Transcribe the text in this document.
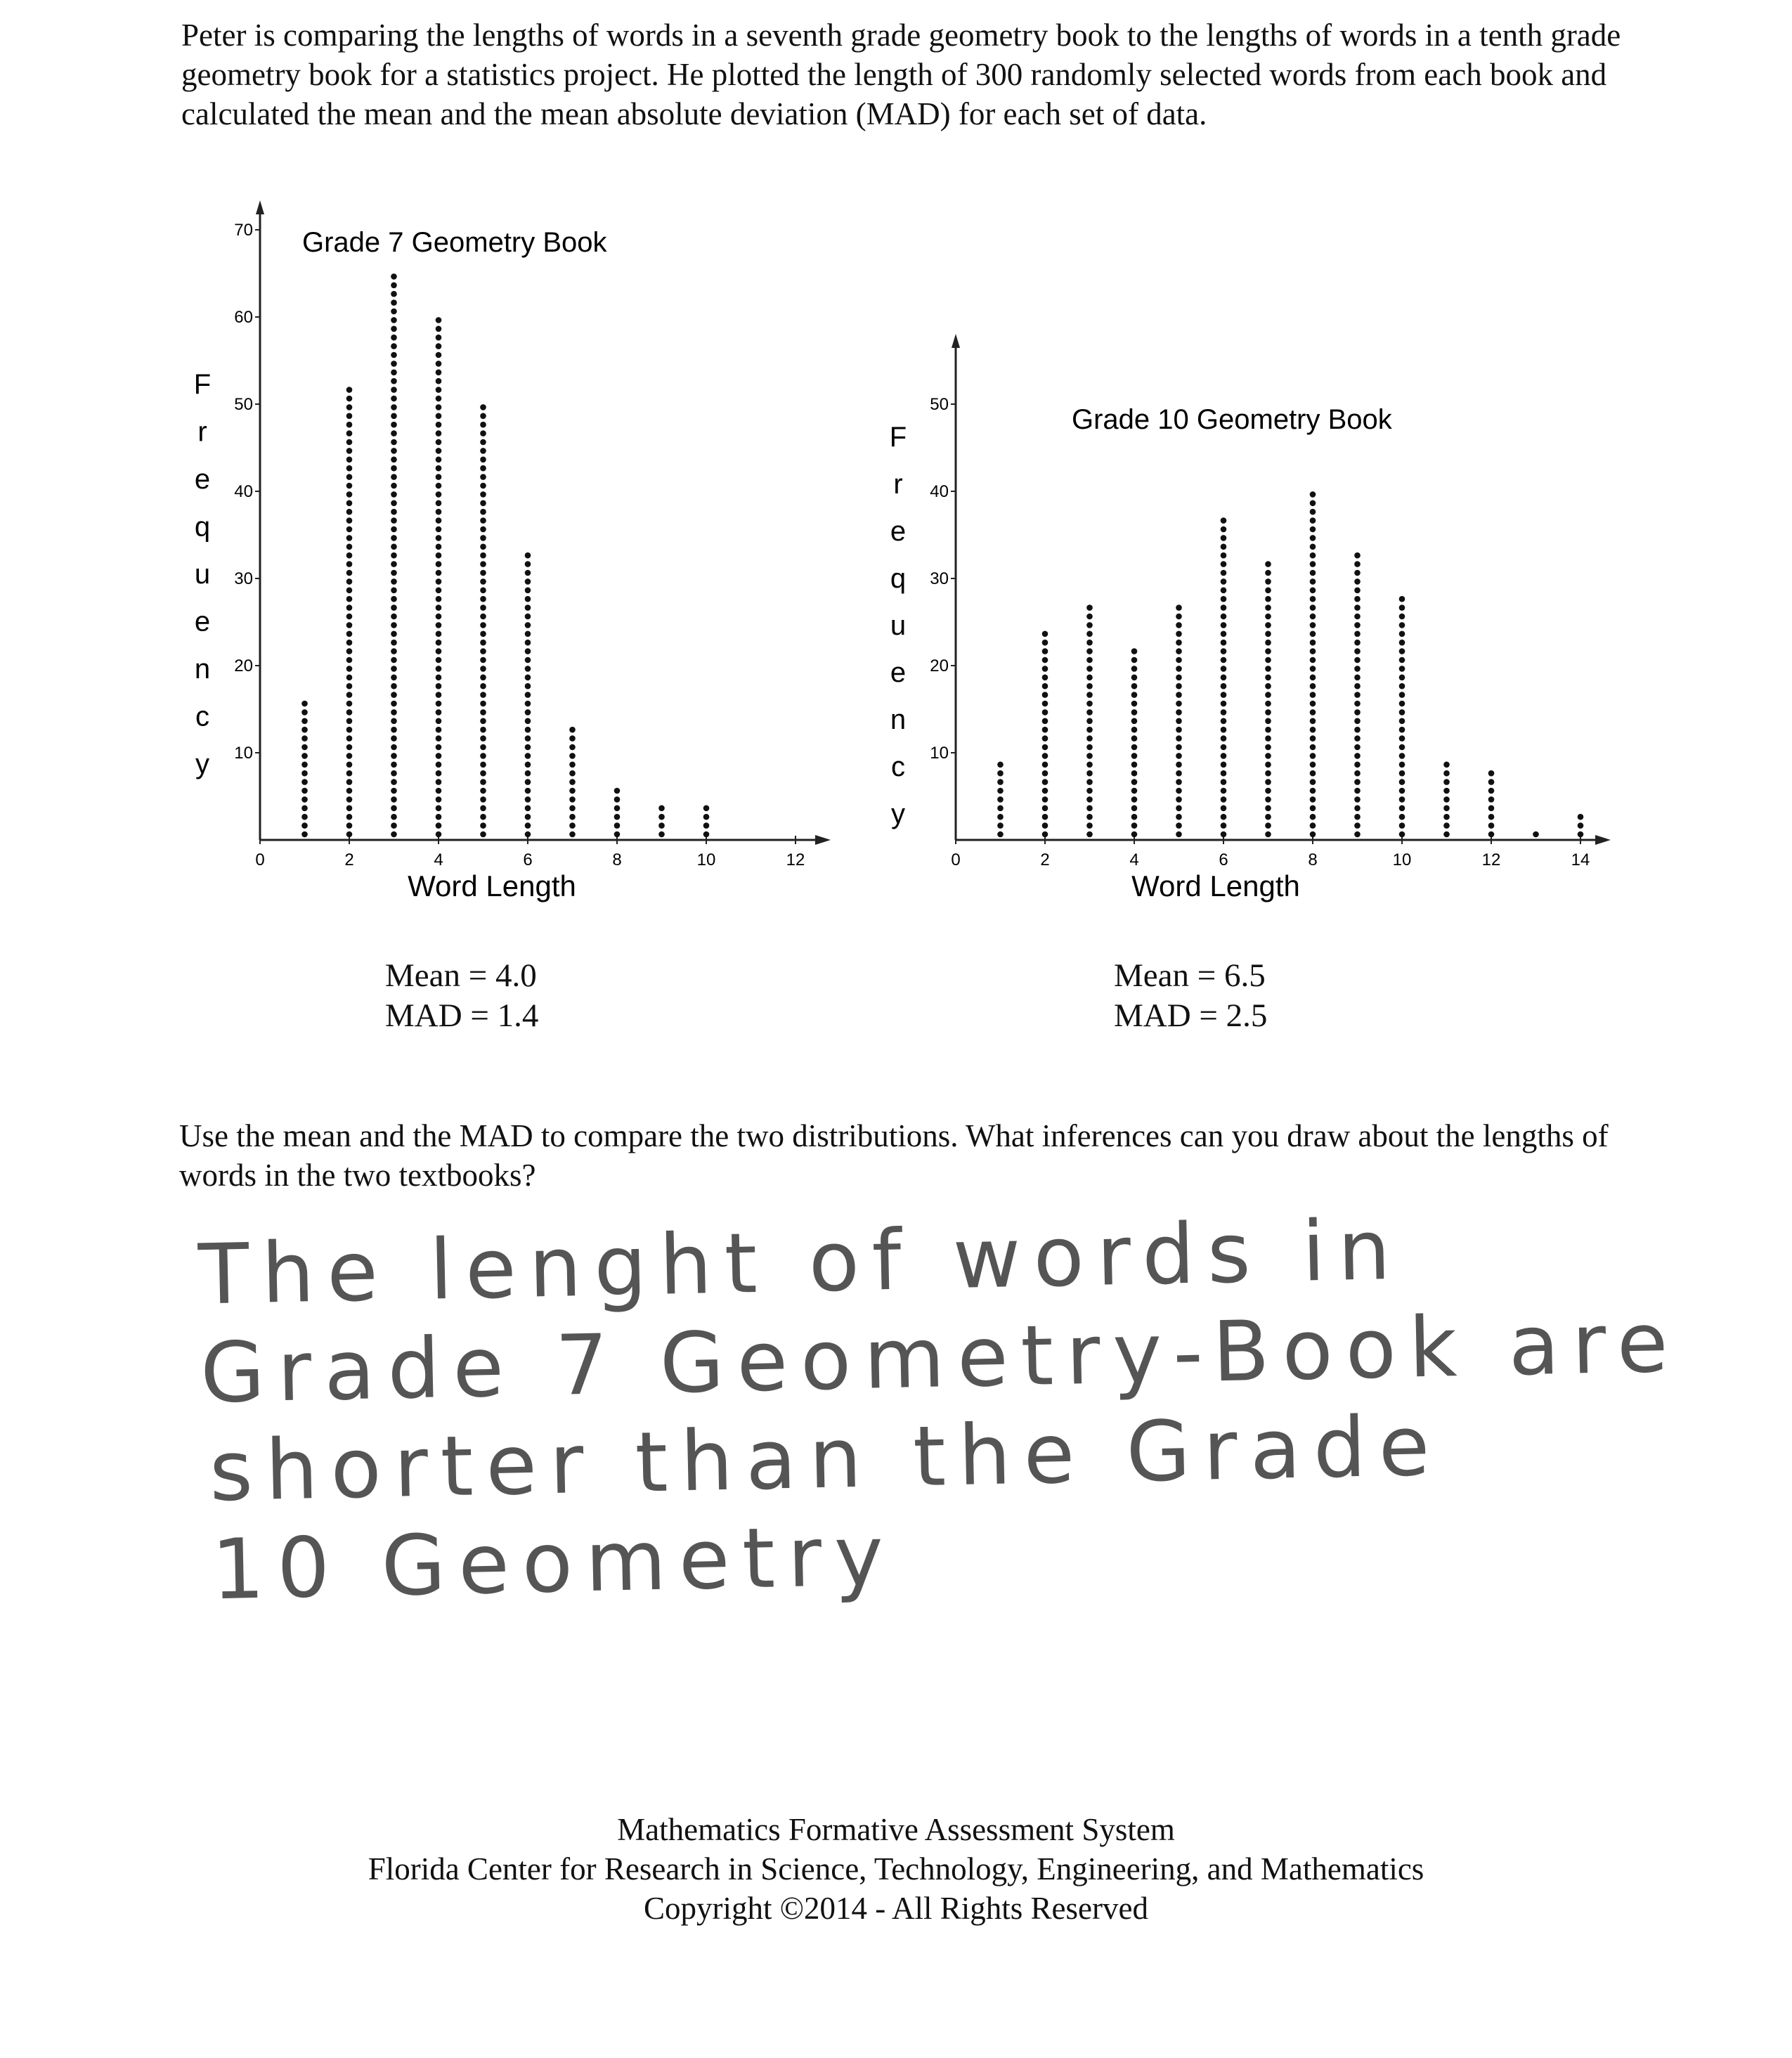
Peter is comparing the lengths of words in a seventh grade geometry book to the lengths of words in a tenth grade geometry book for a statistics project. He plotted the length of 300 randomly selected words from each book and calculated the mean and the mean absolute deviation (MAD) for each set of data.
0	2	4	6	8	10	12
10
20
30
40
50
60
70 Grade 7 Geometry Book
Word Length
F
r
e
q
u
e
n
c
y
0	2	4	6	8	10	12	14
10
20
30
40
50	Grade 10 Geometry Book
Word Length
F
r
e
q
u
e
n
c
y
Mean = 4.0
MAD = 1.4
Mean = 6.5
MAD = 2.5
Use the mean and the MAD to compare the two distributions. What inferences can you draw about the lengths of words in the two textbooks?
The lenght of words in
Grade 7 Geometry-Book are
shorter than the Grade
10 Geometry
Mathematics Formative Assessment System
Florida Center for Research in Science, Technology, Engineering, and Mathematics
Copyright ©2014 - All Rights Reserved
